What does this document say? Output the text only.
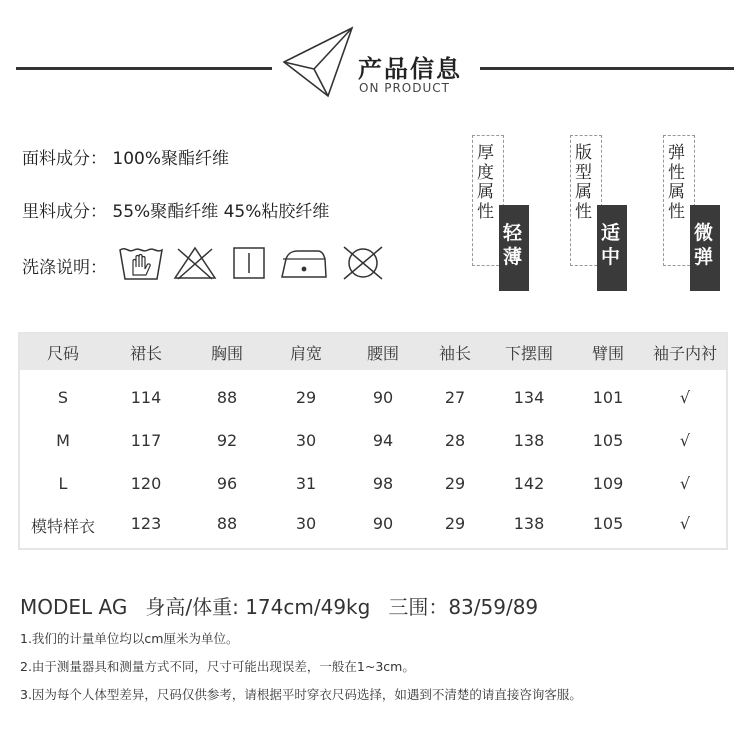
产品信息
ON PRODUCT
面料成分： 100%聚酯纤维
里料成分： 55%聚酯纤维 45%粘胶纤维
洗涤说明：
厚度属性
轻薄
版型属性
适中
弹性属性
微弹
尺码	裙长	胸围	肩宽	腰围 袖长 下摆围 臂围 袖子内衬
S	114	88	29	90	27	134	101	√
M	117	92	30	94	28	138	105	√
L	120	96	31	98	29	142	109	√
模特样衣 123	88	30	90	29	138	105	√
MODEL AG 身高/体重: 174cm/49kg 三围：83/59/89
1.我们的计量单位均以cm厘米为单位。
2.由于测量器具和测量方式不同，尺寸可能出现误差，一般在1~3cm。
3.因为每个人体型差异，尺码仅供参考，请根据平时穿衣尺码选择，如遇到不清楚的请直接咨询客服。
